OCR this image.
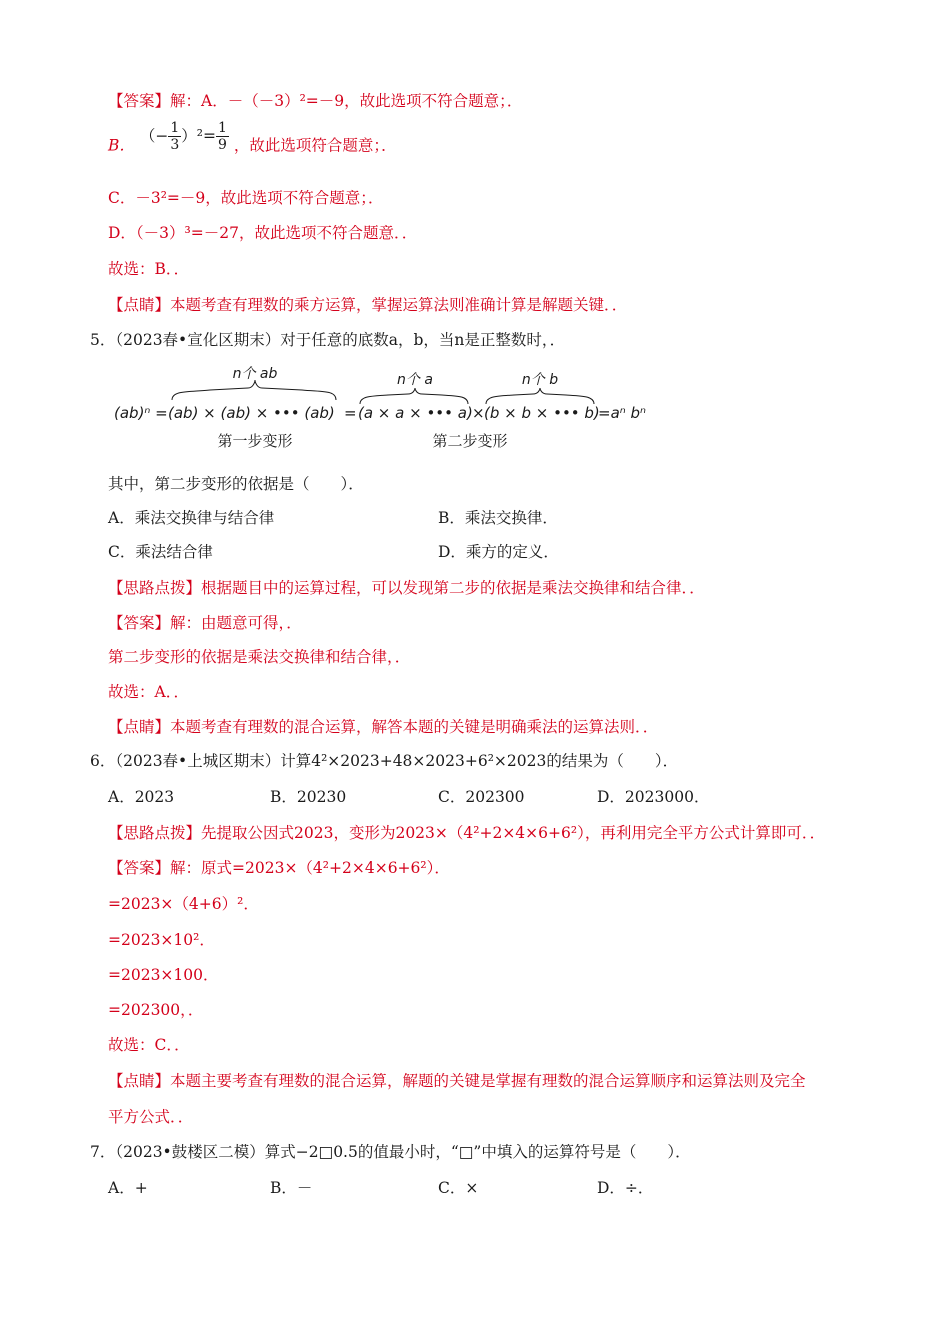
【答案】解：A．－（－3）²=－9，故此选项不符合题意；．
B． （− $\frac{1}{3} )^2= \frac{1}{9}$ ，故此选项符合题意；．
C．－3²=－9，故此选项不符合题意；．
D．（－3）³=－27，故此选项不符合题意．．
故选：B．．
【点睛】本题考查有理数的乘方运算，掌握运算法则准确计算是解题关键．．
5．（2023春•宣化区期末）对于任意的底数a，b，当n是正整数时，．
n个 ab
(ab)ⁿ = (ab) × (ab) × ••• (ab) =
n个 a
(a × a × ••• a) ×
n个 b
(b × b × ••• b)
=aⁿ bⁿ
第一步变形	第二步变形
其中，第二步变形的依据是（　　）．
A．乘法交换律与结合律	B．乘法交换律．
C．乘法结合律	D．乘方的定义．
【思路点拨】根据题目中的运算过程，可以发现第二步的依据是乘法交换律和结合律．．
【答案】解：由题意可得，．
第二步变形的依据是乘法交换律和结合律，．
故选：A．．
【点睛】本题考查有理数的混合运算，解答本题的关键是明确乘法的运算法则．．
6．（2023春•上城区期末）计算4²×2023+48×2023+6²×2023的结果为（　　）．
A．2023	B．20230	C．202300	D．2023000．
【思路点拨】先提取公因式2023，变形为2023×（4²+2×4×6+6²），再利用完全平方公式计算即可．．
【答案】解：原式=2023×（4²+2×4×6+6²）．
=2023×（4+6）²．
=2023×10²．
=2023×100．
=202300，．
故选：C．．
【点睛】本题主要考查有理数的混合运算，解题的关键是掌握有理数的混合运算顺序和运算法则及完全
平方公式．．
7．（2023•鼓楼区二模）算式−2□0.5的值最小时，“□”中填入的运算符号是（　　）．
A．+	B．－	C．×	D．÷．
